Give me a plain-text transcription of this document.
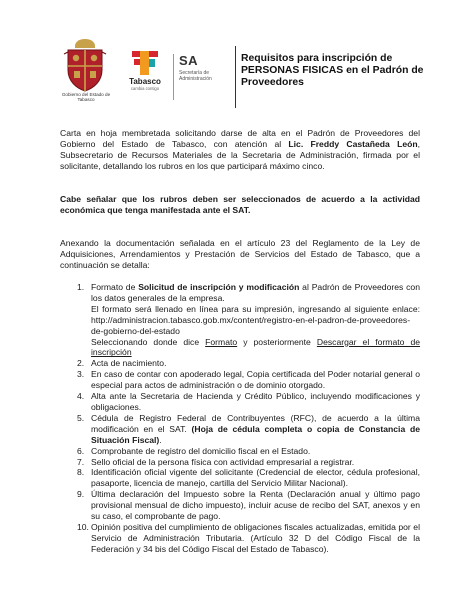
Gobierno del Estado de Tabasco
Tabasco
cambia contigo
SA
Secretaría de Administración
Requisitos para inscripción de PERSONAS FISICAS en el Padrón de Proveedores

Carta en hoja membretada solicitando darse de alta en el Padrón de Proveedores del Gobierno del Estado de Tabasco, con atención al Lic. Freddy Castañeda León, Subsecretario de Recursos Materiales de la Secretaria de Administración, firmada por el solicitante, detallando los rubros en los que participará máximo cinco.

Cabe señalar que los rubros deben ser seleccionados de acuerdo a la actividad económica que tenga manifestada ante el SAT.

Anexando la documentación señalada en el artículo 23 del Reglamento de la Ley de Adquisiciones, Arrendamientos y Prestación de Servicios del Estado de Tabasco, que a continuación se detalla:

1. Formato de Solicitud de inscripción y modificación al Padrón de Proveedores con los datos generales de la empresa.
El formato será llenado en línea para su impresión, ingresando al siguiente enlace: http://administracion.tabasco.gob.mx/content/registro-en-el-padron-de-proveedores-de-gobierno-del-estado
Seleccionando donde dice Formato y posteriormente Descargar el formato de inscripción
2. Acta de nacimiento.
3. En caso de contar con apoderado legal, Copia certificada del Poder notarial general o especial para actos de administración o de dominio otorgado.
4. Alta ante la Secretaria de Hacienda y Crédito Público, incluyendo modificaciones y obligaciones.
5. Cédula de Registro Federal de Contribuyentes (RFC), de acuerdo a la última modificación en el SAT. (Hoja de cédula completa o copia de Constancia de Situación Fiscal).
6. Comprobante de registro del domicilio fiscal en el Estado.
7. Sello oficial de la persona física con actividad empresarial a registrar.
8. Identificación oficial vigente del solicitante (Credencial de elector, cédula profesional, pasaporte, licencia de manejo, cartilla del Servicio Militar Nacional).
9. Última declaración del Impuesto sobre la Renta (Declaración anual y último pago provisional mensual de dicho impuesto), incluir acuse de recibo del SAT, anexos y en su caso, el comprobante de pago.
10. Opinión positiva del cumplimiento de obligaciones fiscales actualizadas, emitida por el Servicio de Administración Tributaria. (Artículo 32 D del Código Fiscal de la Federación y 34 bis del Código Fiscal del Estado de Tabasco).
